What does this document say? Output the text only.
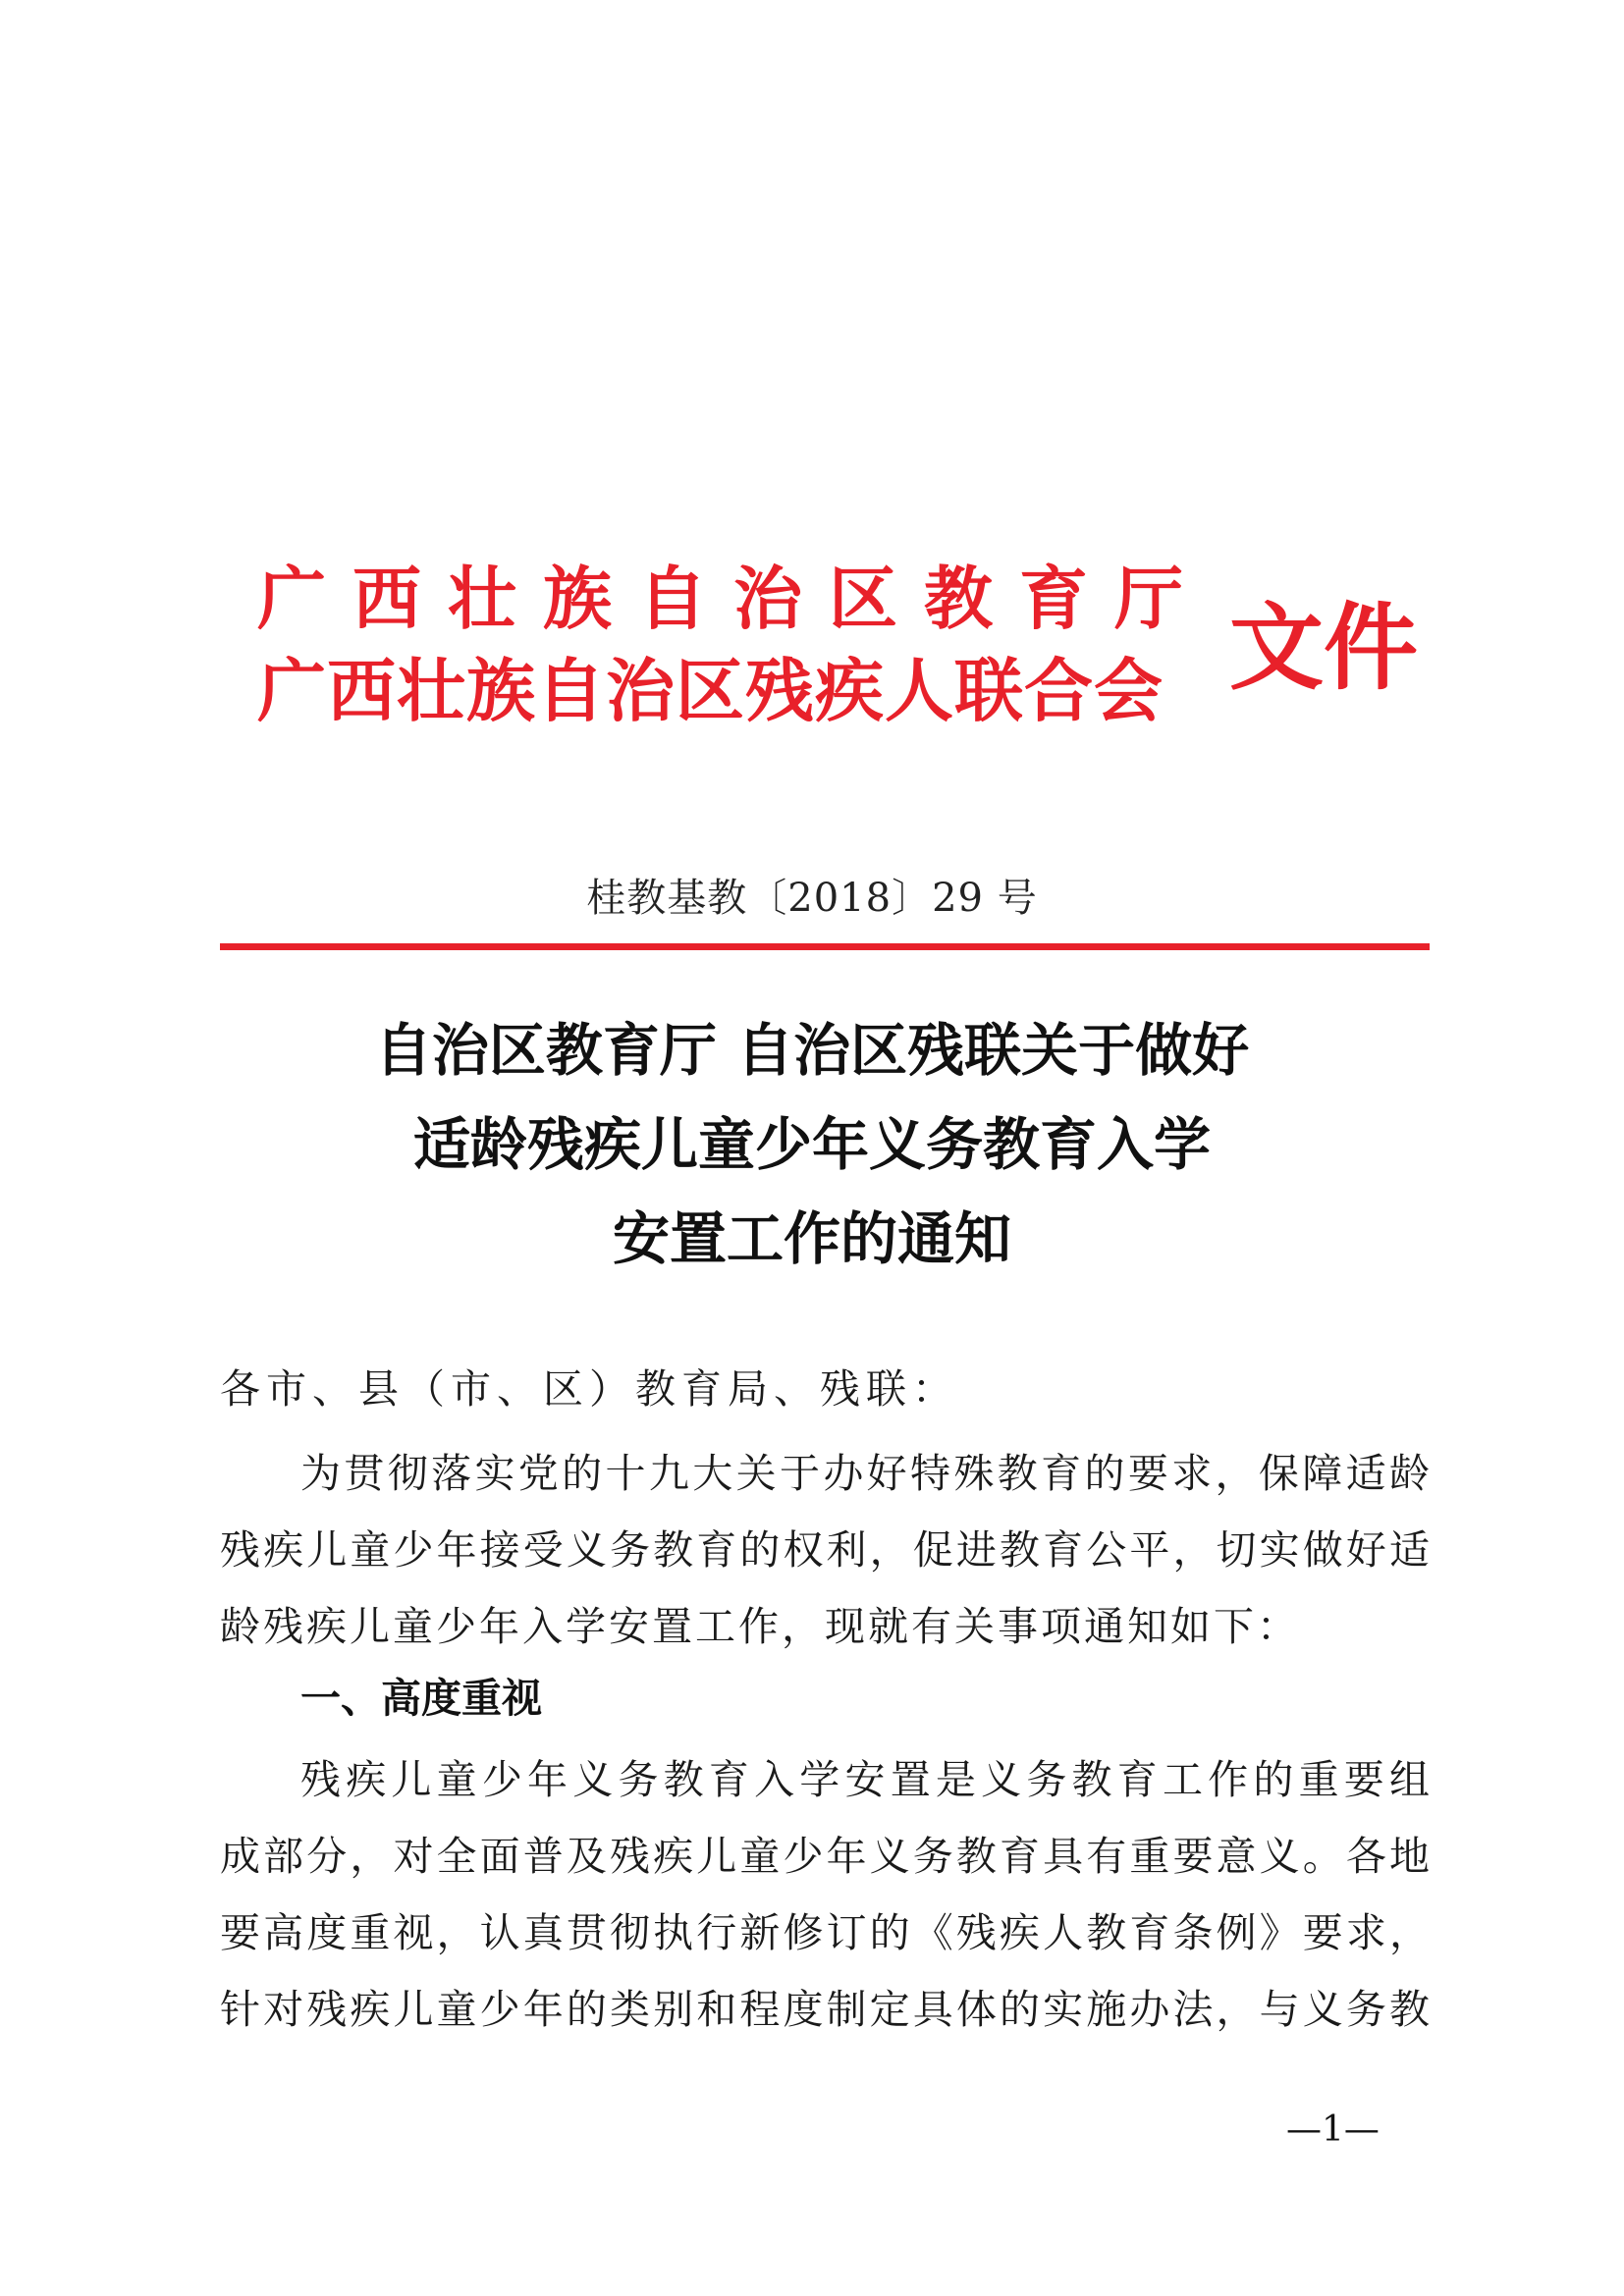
广西壮族自治区教育厅
广西壮族自治区残疾人联合会 文件
桂教基教〔2018〕29 号
自治区教育厅 自治区残联关于做好
适龄残疾儿童少年义务教育入学
安置工作的通知
各市、县（市、区）教育局、残联：
为贯彻落实党的十九大关于办好特殊教育的要求，保障适龄
残疾儿童少年接受义务教育的权利，促进教育公平，切实做好适
龄残疾儿童少年入学安置工作，现就有关事项通知如下：
一、高度重视
残疾儿童少年义务教育入学安置是义务教育工作的重要组
成部分，对全面普及残疾儿童少年义务教育具有重要意义。各地
要高度重视，认真贯彻执行新修订的《残疾人教育条例》要求，
针对残疾儿童少年的类别和程度制定具体的实施办法，与义务教
—1—
